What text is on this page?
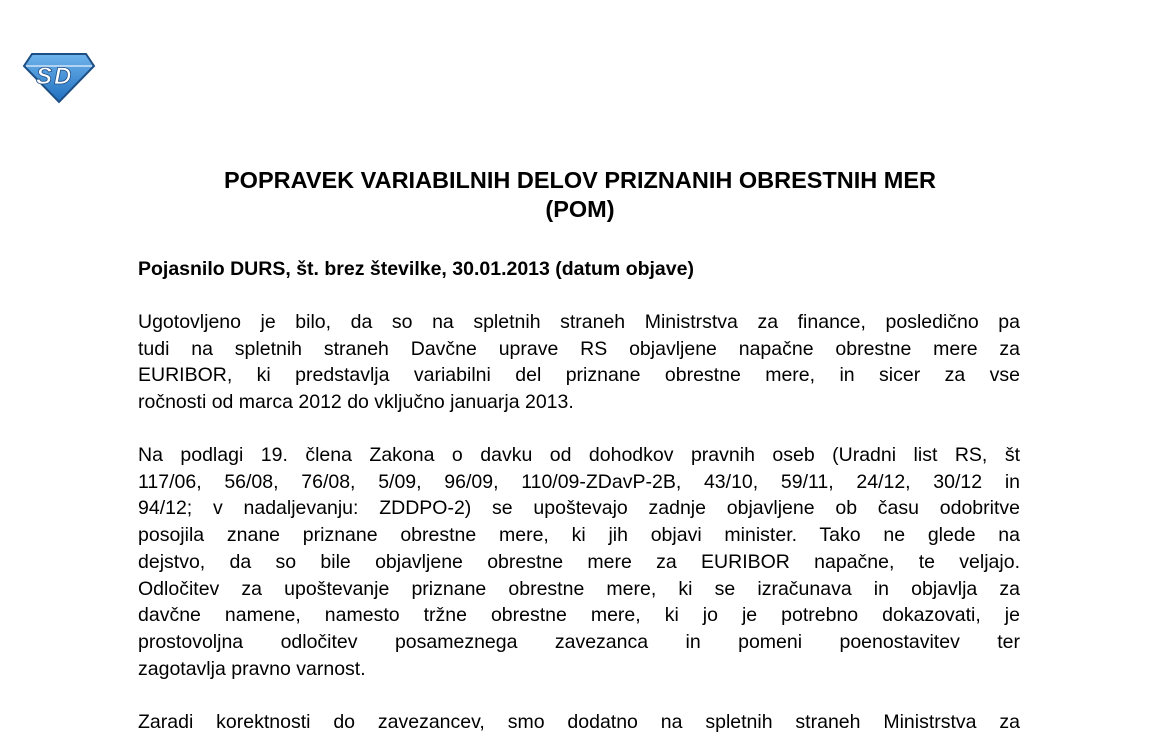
S D
POPRAVEK VARIABILNIH DELOV PRIZNANIH OBRESTNIH MER
(POM)

Pojasnilo DURS, št. brez številke, 30.01.2013 (datum objave)

Ugotovljeno je bilo, da so na spletnih straneh Ministrstva za finance, posledično pa
tudi na spletnih straneh Davčne uprave RS objavljene napačne obrestne mere za
EURIBOR, ki predstavlja variabilni del priznane obrestne mere, in sicer za vse
ročnosti od marca 2012 do vključno januarja 2013.
Na podlagi 19. člena Zakona o davku od dohodkov pravnih oseb (Uradni list RS, št
117/06, 56/08, 76/08, 5/09, 96/09, 110/09-ZDavP-2B, 43/10, 59/11, 24/12, 30/12 in
94/12; v nadaljevanju: ZDDPO-2) se upoštevajo zadnje objavljene ob času odobritve
posojila znane priznane obrestne mere, ki jih objavi minister. Tako ne glede na
dejstvo, da so bile objavljene obrestne mere za EURIBOR napačne, te veljajo.
Odločitev za upoštevanje priznane obrestne mere, ki se izračunava in objavlja za
davčne namene, namesto tržne obrestne mere, ki jo je potrebno dokazovati, je
prostovoljna odločitev posameznega zavezanca in pomeni poenostavitev ter
zagotavlja pravno varnost.
Zaradi korektnosti do zavezancev, smo dodatno na spletnih straneh Ministrstva za
